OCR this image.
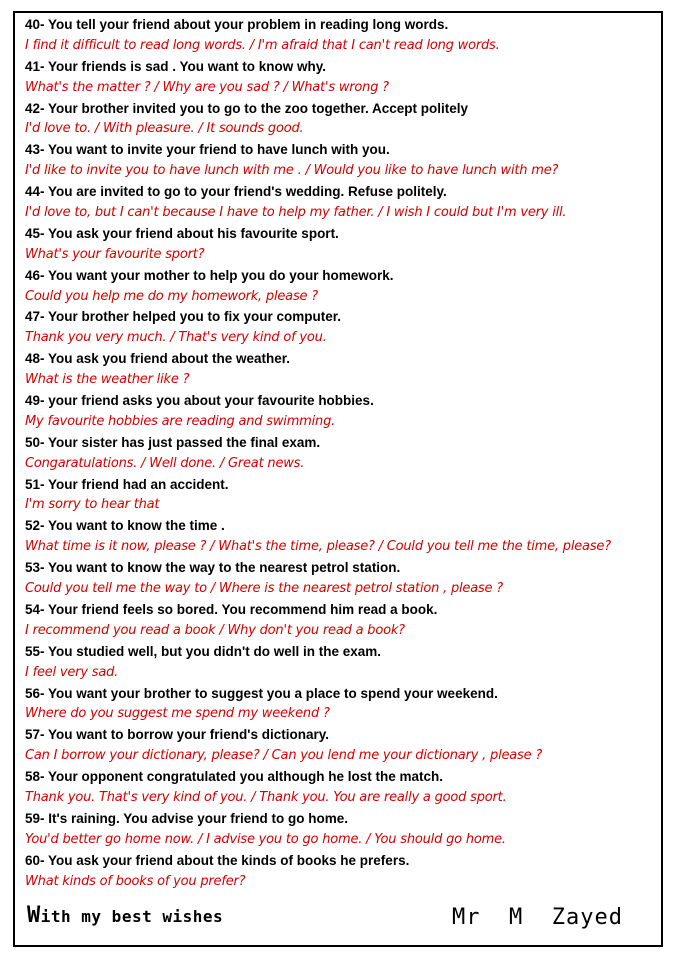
40- You tell your friend about your problem in reading long words.
I find it difficult to read long words. / I'm afraid that I can't read long words.
41- Your friends is sad . You want to know why.
What's the matter ? / Why are you sad ? / What's wrong ?
42- Your brother invited you to go to the zoo together. Accept politely
I'd love to. / With pleasure. / It sounds good.
43- You want to invite your friend to have lunch with you.
I'd like to invite you to have lunch with me . / Would you like to have lunch with me?
44- You are invited to go to your friend's wedding. Refuse politely.
I'd love to, but I can't because I have to help my father. / I wish I could but I'm very ill.
45- You ask your friend about his favourite sport.
What's your favourite sport?
46- You want your mother to help you do your homework.
Could you help me do my homework, please ?
47- Your brother helped you to fix your computer.
Thank you very much. / That's very kind of you.
48- You ask you friend about the weather.
What is the weather like ?
49- your friend asks you about your favourite hobbies.
My favourite hobbies are reading and swimming.
50- Your sister has just passed the final exam.
Congaratulations. / Well done. / Great news.
51- Your friend had an accident.
I'm sorry to hear that
52- You want to know the time .
What time is it now, please ? / What's the time, please? / Could you tell me the time, please?
53- You want to know the way to the nearest petrol station.
Could you tell me the way to / Where is the nearest petrol station , please ?
54- Your friend feels so bored. You recommend him read a book.
I recommend you read a book / Why don't you read a book?
55- You studied well, but you didn't do well in the exam.
I feel very sad.
56- You want your brother to suggest you a place to spend your weekend.
Where do you suggest me spend my weekend ?
57- You want to borrow your friend's dictionary.
Can I borrow your dictionary, please? / Can you lend me your dictionary , please ?
58- Your opponent congratulated you although he lost the match.
Thank you. That's very kind of you. / Thank you. You are really a good sport.
59- It's raining. You advise your friend to go home.
You'd better go home now. / I advise you to go home. / You should go home.
60- You ask your friend about the kinds of books he prefers.
What kinds of books of you prefer?
With my best wishes	Mr  M  Zayed
